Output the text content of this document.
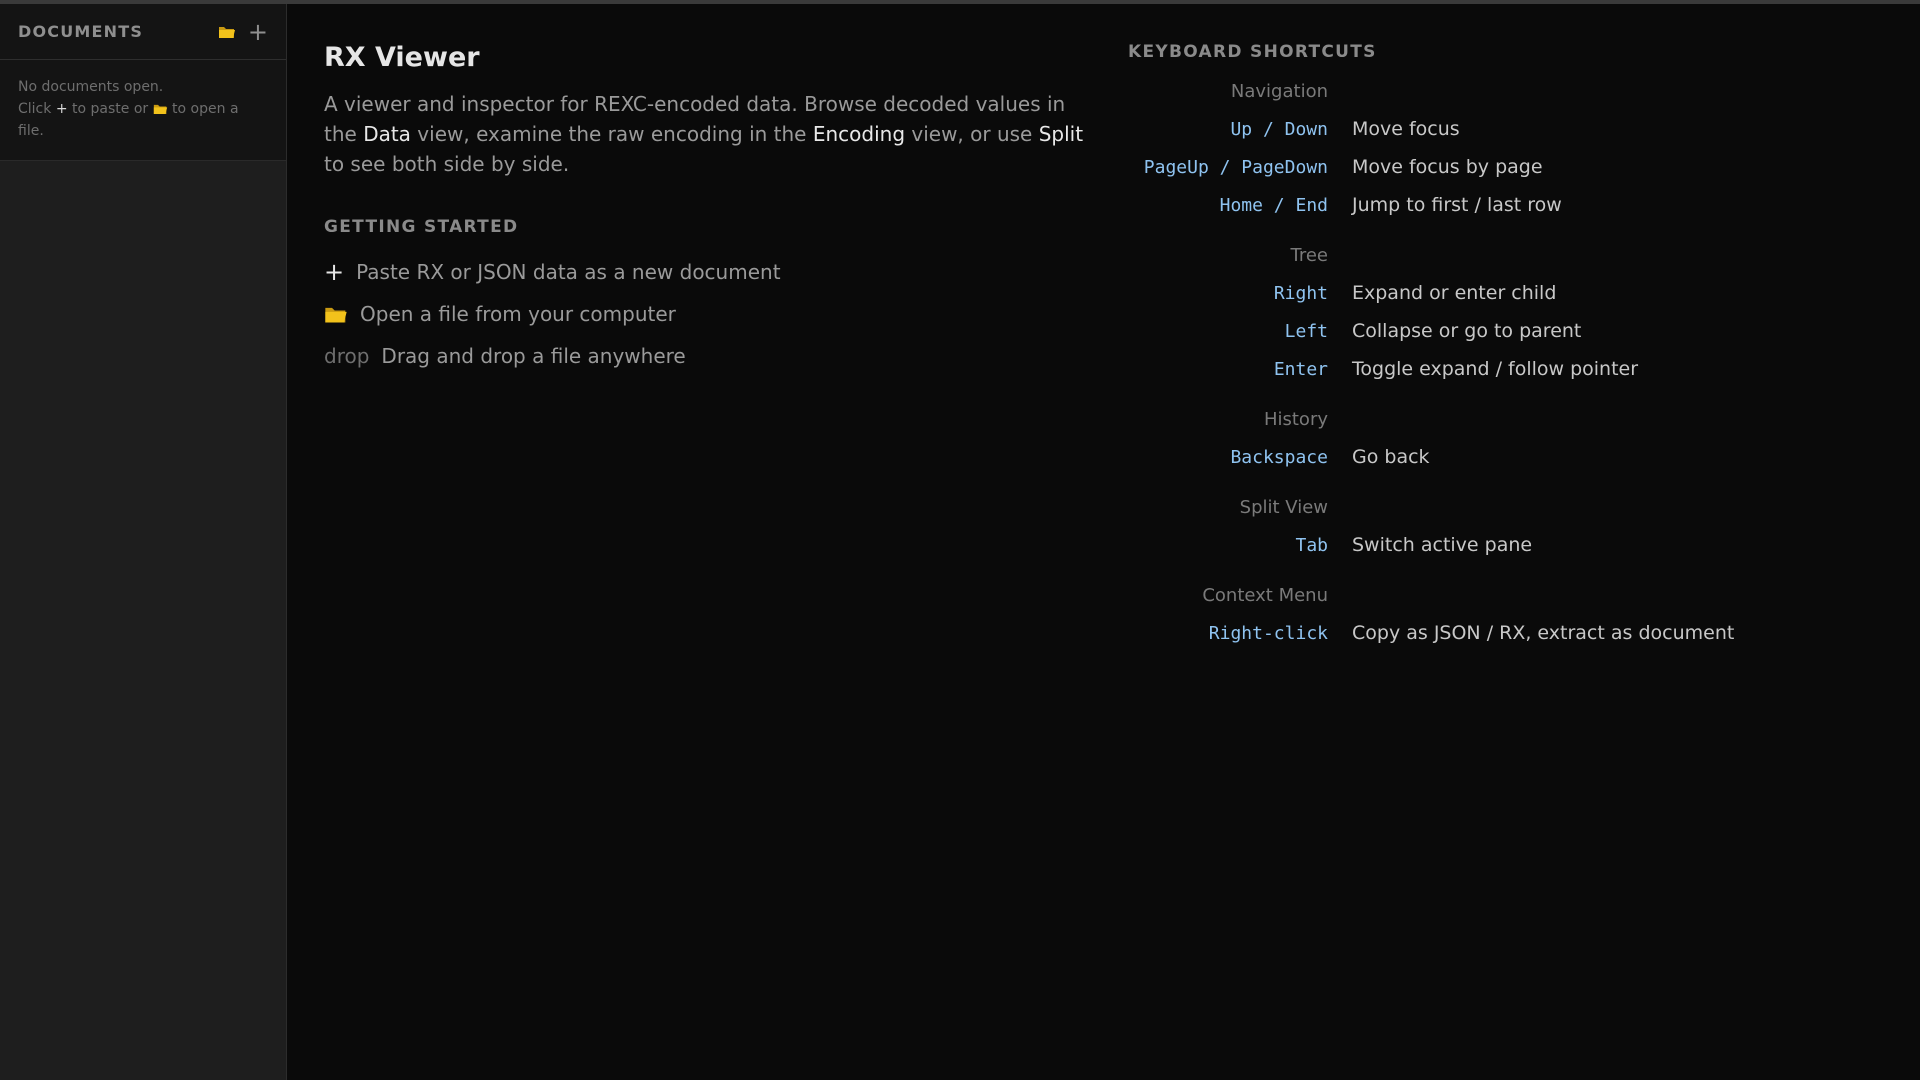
DOCUMENTS	+
No documents open.
Click + to paste or to open a file.
RX Viewer
A viewer and inspector for REXC-encoded data. Browse decoded values in the Data view, examine the raw encoding in the Encoding view, or use Split to see both side by side.
GETTING STARTED
+ Paste RX or JSON data as a new document
Open a file from your computer
drop Drag and drop a file anywhere
KEYBOARD SHORTCUTS
Navigation
Up / Down Move focus
PageUp / PageDown Move focus by page
Home / End Jump to first / last row
Tree
Right Expand or enter child
Left Collapse or go to parent
Enter Toggle expand / follow pointer
History
Backspace Go back
Split View
Tab Switch active pane
Context Menu
Right-click Copy as JSON / RX, extract as document
